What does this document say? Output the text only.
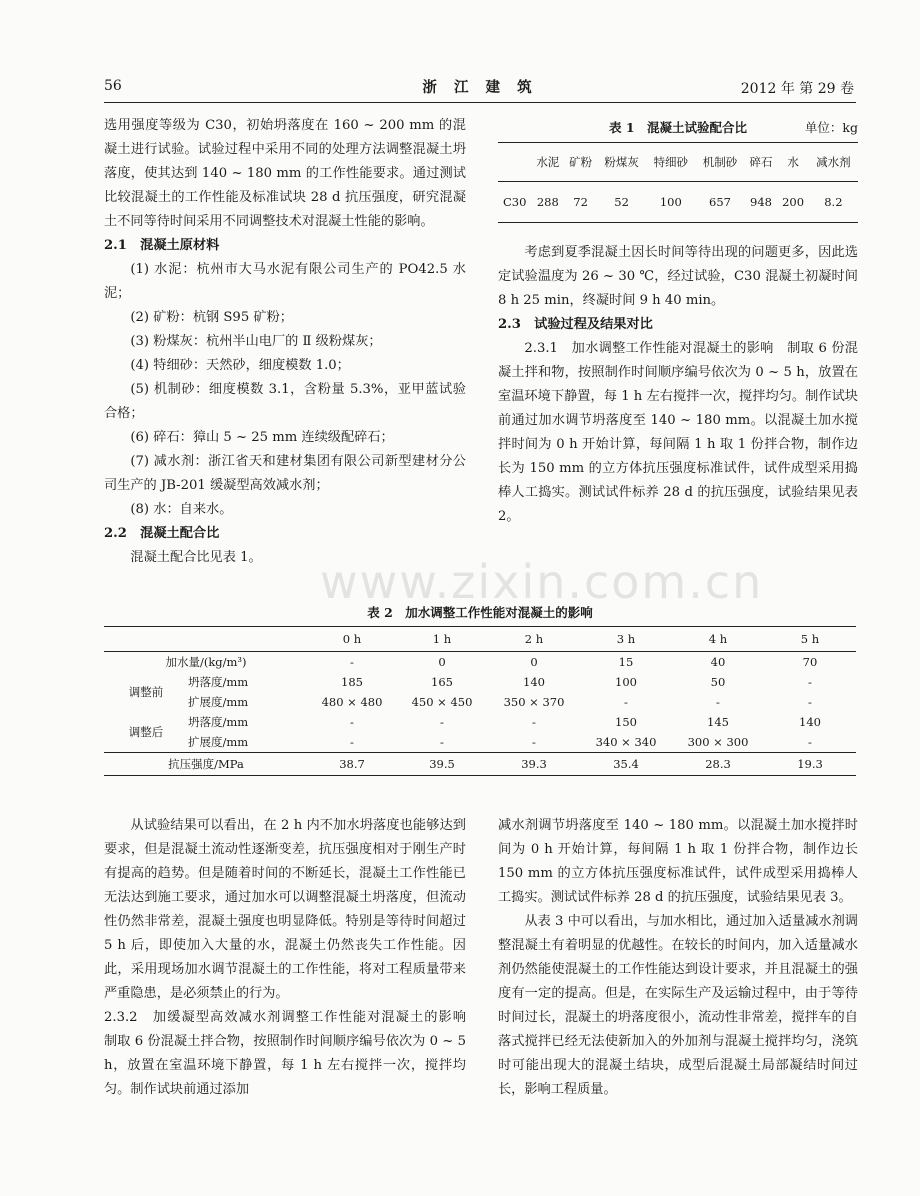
56	浙 江 建 筑	2012 年 第 29 卷

选用强度等级为 C30，初始坍落度在 160 ~ 200 mm 的混凝土进行试验。试验过程中采用不同的处理方法调整混凝土坍落度，使其达到 140 ~ 180 mm 的工作性能要求。通过测试比较混凝土的工作性能及标准试块 28 d 抗压强度，研究混凝土不同等待时间采用不同调整技术对混凝土性能的影响。

2.1　混凝土原材料

(1) 水泥：杭州市大马水泥有限公司生产的 PO42.5 水泥；

(2) 矿粉：杭钢 S95 矿粉；

(3) 粉煤灰：杭州半山电厂的 Ⅱ 级粉煤灰；

(4) 特细砂：天然砂，细度模数 1.0；

(5) 机制砂：细度模数 3.1，含粉量 5.3%，亚甲蓝试验合格；

(6) 碎石：獐山 5 ~ 25 mm 连续级配碎石；

(7) 减水剂：浙江省天和建材集团有限公司新型建材分公司生产的 JB-201 缓凝型高效减水剂；

(8) 水：自来水。

2.2　混凝土配合比

混凝土配合比见表 1。

表 1　混凝土试验配合比	单位：kg
	水泥	矿粉	粉煤灰	特细砂	机制砂	碎石	水	减水剂
C30	288	72	52	100	657	948	200	8.2

考虑到夏季混凝土因长时间等待出现的问题更多，因此选定试验温度为 26 ~ 30 ℃，经过试验，C30 混凝土初凝时间 8 h 25 min，终凝时间 9 h 40 min。

2.3　试验过程及结果对比

2.3.1　加水调整工作性能对混凝土的影响　制取 6 份混凝土拌和物，按照制作时间顺序编号依次为 0 ~ 5 h，放置在室温环境下静置，每 1 h 左右搅拌一次，搅拌均匀。制作试块前通过加水调节坍落度至 140 ~ 180 mm。以混凝土加水搅拌时间为 0 h 开始计算，每间隔 1 h 取 1 份拌合物，制作边长为 150 mm 的立方体抗压强度标准试件，试件成型采用捣棒人工捣实。测试试件标养 28 d 的抗压强度，试验结果见表 2。

www.zixin.com.cn
表 2　加水调整工作性能对混凝土的影响
		0 h	1 h	2 h	3 h	4 h	5 h
加水量/(kg/m³)		-	0	0	15	40	70
调整前	坍落度/mm	185	165	140	100	50	-
	扩展度/mm	480 × 480	450 × 450	350 × 370	-	-	-
调整后	坍落度/mm	-	-	-	150	145	140
	扩展度/mm	-	-	-	340 × 340	300 × 300	-
抗压强度/MPa		38.7	39.5	39.3	35.4	28.3	19.3

从试验结果可以看出，在 2 h 内不加水坍落度也能够达到要求，但是混凝土流动性逐渐变差，抗压强度相对于刚生产时有提高的趋势。但是随着时间的不断延长，混凝土工作性能已无法达到施工要求，通过加水可以调整混凝土坍落度，但流动性仍然非常差，混凝土强度也明显降低。特别是等待时间超过 5 h 后，即使加入大量的水，混凝土仍然丧失工作性能。因此，采用现场加水调节混凝土的工作性能，将对工程质量带来严重隐患，是必须禁止的行为。

2.3.2　加缓凝型高效减水剂调整工作性能对混凝土的影响　制取 6 份混凝土拌合物，按照制作时间顺序编号依次为 0 ~ 5 h，放置在室温环境下静置，每 1 h 左右搅拌一次，搅拌均匀。制作试块前通过添加

减水剂调节坍落度至 140 ~ 180 mm。以混凝土加水搅拌时间为 0 h 开始计算，每间隔 1 h 取 1 份拌合物，制作边长 150 mm 的立方体抗压强度标准试件，试件成型采用捣棒人工捣实。测试试件标养 28 d 的抗压强度，试验结果见表 3。

从表 3 中可以看出，与加水相比，通过加入适量减水剂调整混凝土有着明显的优越性。在较长的时间内，加入适量减水剂仍然能使混凝土的工作性能达到设计要求，并且混凝土的强度有一定的提高。但是，在实际生产及运输过程中，由于等待时间过长，混凝土的坍落度很小，流动性非常差，搅拌车的自落式搅拌已经无法使新加入的外加剂与混凝土搅拌均匀，浇筑时可能出现大的混凝土结块，成型后混凝土局部凝结时间过长，影响工程质量。
